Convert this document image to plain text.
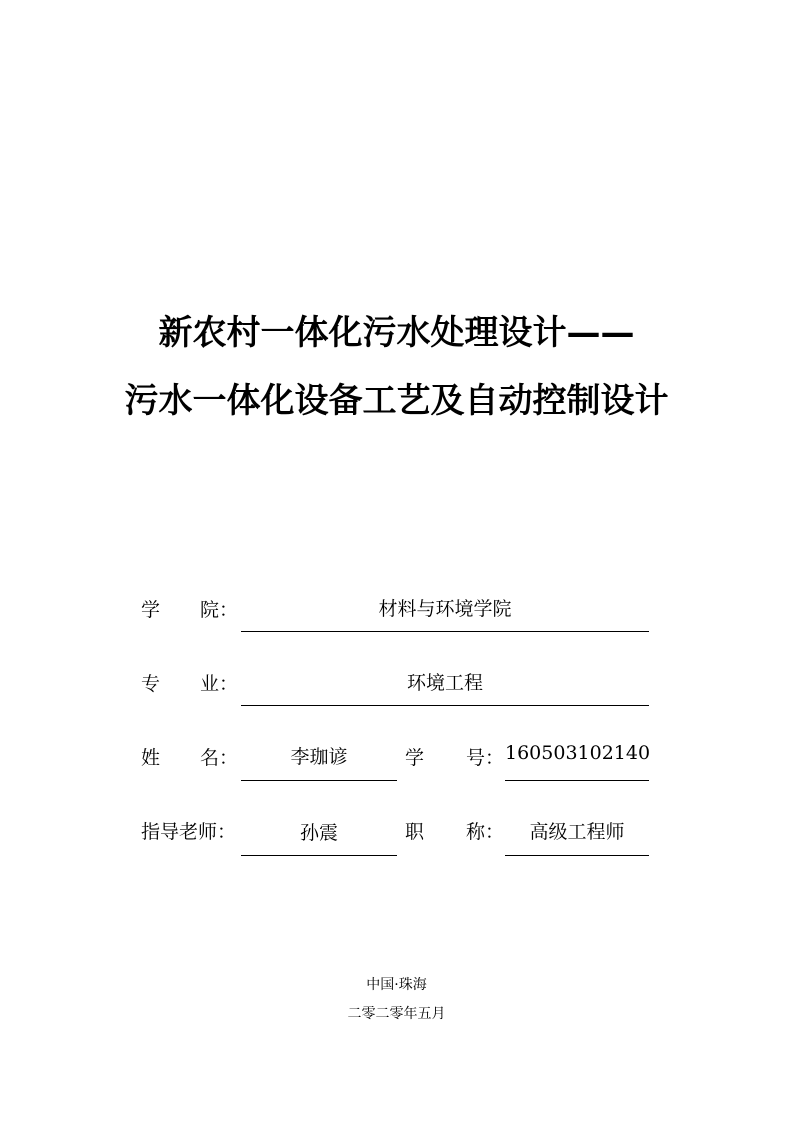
新农村一体化污水处理设计——
污水一体化设备工艺及自动控制设计
学 院：	材料与环境学院
专 业：	环境工程
姓 名：	李珈谚	学 号： 160503102140
指导老师：	孙震	职 称：	高级工程师
中国·珠海
二零二零年五月
